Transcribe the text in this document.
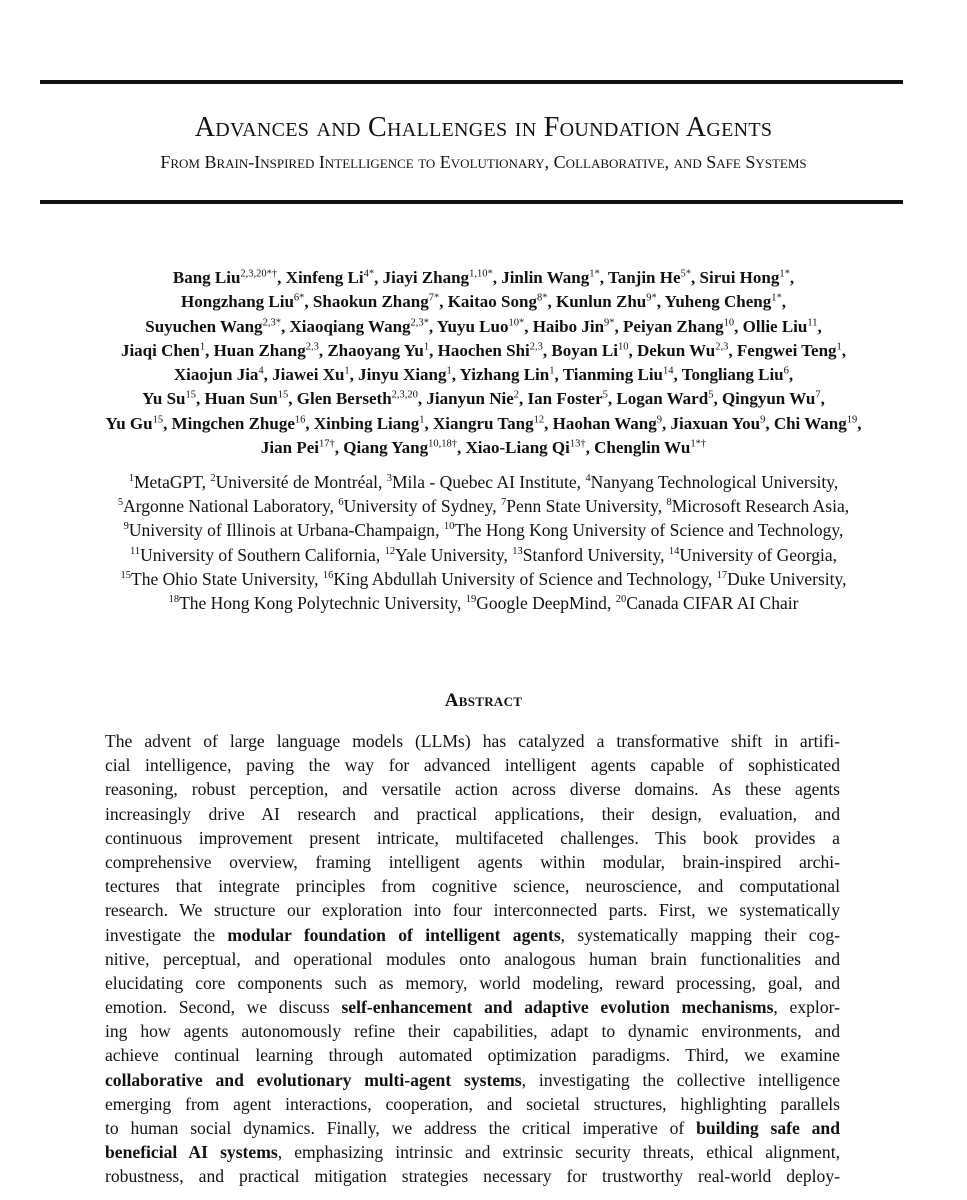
Advances and Challenges in Foundation Agents
From Brain-Inspired Intelligence to Evolutionary, Collaborative, and Safe Systems
Bang Liu$^{2,3,20*\dagger}$, Xinfeng $Li^{4*}$, Jiayi Zhang$^{1,10*}$, Jinlin Wang$^{1*}$, Tanjin $He^{5*}$, Sirui Hong$^{1*}$,
Hongzhang Liu$^{6*}$, Shaokun Zhang$^{7*}$, Kaitao Song$^{8*}$, Kunlun Zhu$^{9*}$, Yuheng Cheng$^{1*}$,
Suyuchen Wang$^{2,3*}$, Xiaoqiang Wang$^{2,3*}$, Yuyu Luo$^{10*}$, Haibo Jin$^{9*}$, Peiyan Zhang$^{10}$, Ollie Liu$^{11}$,
Jiaqi Chen$^1$, Huan Zhang$^{2,3}$, Zhaoyang Yu$^1$, Haochen Shi$^{2,3}$, Boyan Li$^{10}$, Dekun Wu$^{2,3}$, Fengwei Teng$^1$,
Xiaojun Jia$^4$, Jiawei Xu$^1$, Jinyu Xiang$^1$, Yizhang Lin$^1$, Tianming Liu$^{14}$, Tongliang Liu$^6$,
Yu Su$^{15}$, Huan Sun$^{15}$, Glen Berseth$^{2,3,20}$, Jianyun Nie$^2$, Ian Foster$^5$, Logan Ward$^5$, Qingyun Wu$^7$,
Yu Gu$^{15}$, Mingchen Zhuge$^{16}$, Xinbing Liang$^1$, Xiangru Tang$^{12}$, Haohan Wang$^9$, Jiaxuan You$^9$, Chi Wang$^{19}$,
Jian Pei$^{17\dagger}$, Qiang Yang$^{10,18\dagger}$, Xiao-Liang $Qi^{13\dagger}$, Chenglin $Wu^{1*\dagger}$
$^1$MetaGPT, $^2$Université de Montréal, $^3$Mila - Quebec AI Institute, $^4$Nanyang Technological University,
$^5$Argonne National Laboratory, $^6$University of Sydney, $^7$Penn State University, $^8$Microsoft Research Asia,
$^9$University of Illinois at Urbana-Champaign, $^{10}$The Hong Kong University of Science and Technology,
$^{11}$University of Southern California, $^{12}$Yale University, $^{13}$Stanford University, $^{14}$University of Georgia,
$^{15}$The Ohio State University, $^{16}$King Abdullah University of Science and Technology, $^{17}$Duke University,
$^{18}$The Hong Kong Polytechnic University, $^{19}$Google DeepMind, $^{20}$Canada CIFAR AI Chair
Abstract
The advent of large language models (LLMs) has catalyzed a transformative shift in artifi-
cial intelligence, paving the way for advanced intelligent agents capable of sophisticated
reasoning, robust perception, and versatile action across diverse domains. As these agents
increasingly drive AI research and practical applications, their design, evaluation, and
continuous improvement present intricate, multifaceted challenges. This book provides a
comprehensive overview, framing intelligent agents within modular, brain-inspired archi-
tectures that integrate principles from cognitive science, neuroscience, and computational
research. We structure our exploration into four interconnected parts. First, we systematically
investigate the modular foundation of intelligent agents, systematically mapping their cog-
nitive, perceptual, and operational modules onto analogous human brain functionalities and
elucidating core components such as memory, world modeling, reward processing, goal, and
emotion. Second, we discuss self-enhancement and adaptive evolution mechanisms, explor-
ing how agents autonomously refine their capabilities, adapt to dynamic environments, and
achieve continual learning through automated optimization paradigms. Third, we examine
collaborative and evolutionary multi-agent systems, investigating the collective intelligence
emerging from agent interactions, cooperation, and societal structures, highlighting parallels
to human social dynamics. Finally, we address the critical imperative of building safe and
beneficial AI systems, emphasizing intrinsic and extrinsic security threats, ethical alignment,
robustness, and practical mitigation strategies necessary for trustworthy real-world deploy-
